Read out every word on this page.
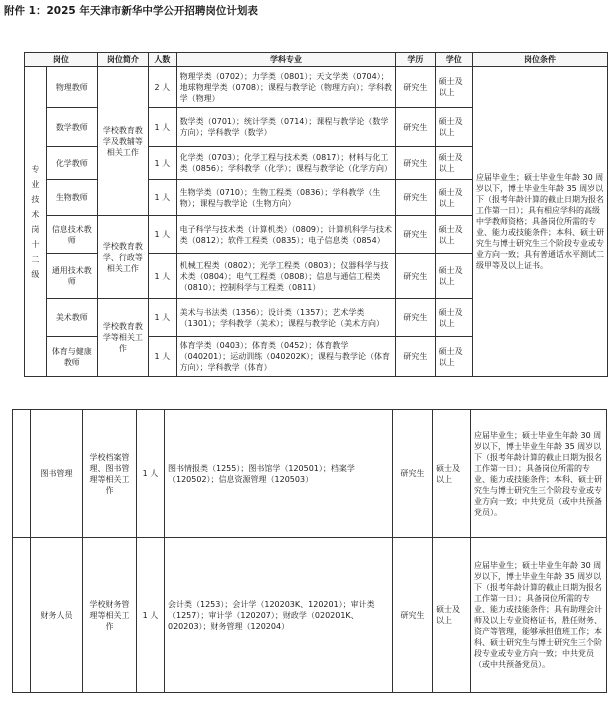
附件 1：2025 年天津市新华中学公开招聘岗位计划表
岗位		岗位简介	人数	学科专业	学历	学位	岗位条件

专业技术岗十二级	物理教师	学校教育教学及教辅等相关工作	2 人	物理学类（0702）；力学类（0801）；天文学类（0704）；地球物理学类（0708）；课程与教学论（物理方向）；学科教学（物理）	研究生	硕士及以上	应届毕业生；硕士毕业生年龄 30 周岁以下，博士毕业生年龄 35 周岁以下（报考年龄计算的截止日期为报名工作第一日）；具有相应学科的高级中学教师资格；具备岗位所需的专业、能力或技能条件；本科、硕士研究生与博士研究生三个阶段专业或专业方向一致；具有普通话水平测试二级甲等及以上证书。
	数学教师		1 人	数学类（0701）；统计学类（0714）；课程与教学论（数学方向）；学科教学（数学）	研究生	硕士及以上	
	化学教师		1 人	化学类（0703）；化学工程与技术类（0817）；材料与化工类（0856）；学科教学（化学）；课程与教学论（化学方向）	研究生	硕士及以上	
	生物教师		1 人	生物学类（0710）；生物工程类（0836）；学科教学（生物）；课程与教学论（生物方向）	研究生	硕士及以上	
	信息技术教师	学校教育教学、行政等相关工作	1 人	电子科学与技术类（计算机类）（0809）；计算机科学与技术类（0812）；软件工程类（0835）；电子信息类（0854）	研究生	硕士及以上	
	通用技术教师		1 人	机械工程类（0802）；光学工程类（0803）；仪器科学与技术类（0804）；电气工程类（0808）；信息与通信工程类（0810）；控制科学与工程类（0811）	研究生	硕士及以上	
	美术教师	学校教育教学等相关工作	1 人	美术与书法类（1356）；设计类（1357）；艺术学类（1301）；学科教学（美术）；课程与教学论（美术方向）	研究生	硕士及以上	
	体育与健康教师		1 人	体育学类（0403）；体育类（0452）；体育教学（040201）；运动训练（040202K）；课程与教学论（体育方向）；学科教学（体育）	研究生	硕士及以上	
	图书管理	学校档案管理、图书管理等相关工作	1 人	图书情报类（1255）；图书馆学（120501）；档案学（120502）；信息资源管理（120503）	研究生	硕士及以上	应届毕业生；硕士毕业生年龄 30 周岁以下，博士毕业生年龄 35 周岁以下（报考年龄计算的截止日期为报名工作第一日）；具备岗位所需的专业、能力或技能条件；本科、硕士研究生与博士研究生三个阶段专业或专业方向一致；中共党员（或中共预备党员）。
	财务人员	学校财务管理等相关工作	1 人	会计类（1253）；会计学（120203K、120201）；审计类（1257）；审计学（120207）；财政学（020201K、020203）；财务管理（120204）	研究生	硕士及以上	应届毕业生；硕士毕业生年龄 30 周岁以下，博士毕业生年龄 35 周岁以下（报考年龄计算的截止日期为报名工作第一日）；具备岗位所需的专业、能力或技能条件；具有助理会计师及以上专业资格证书，胜任财务、资产等管理，能够承担值班工作；本科、硕士研究生与博士研究生三个阶段专业或专业方向一致；中共党员（或中共预备党员）。
